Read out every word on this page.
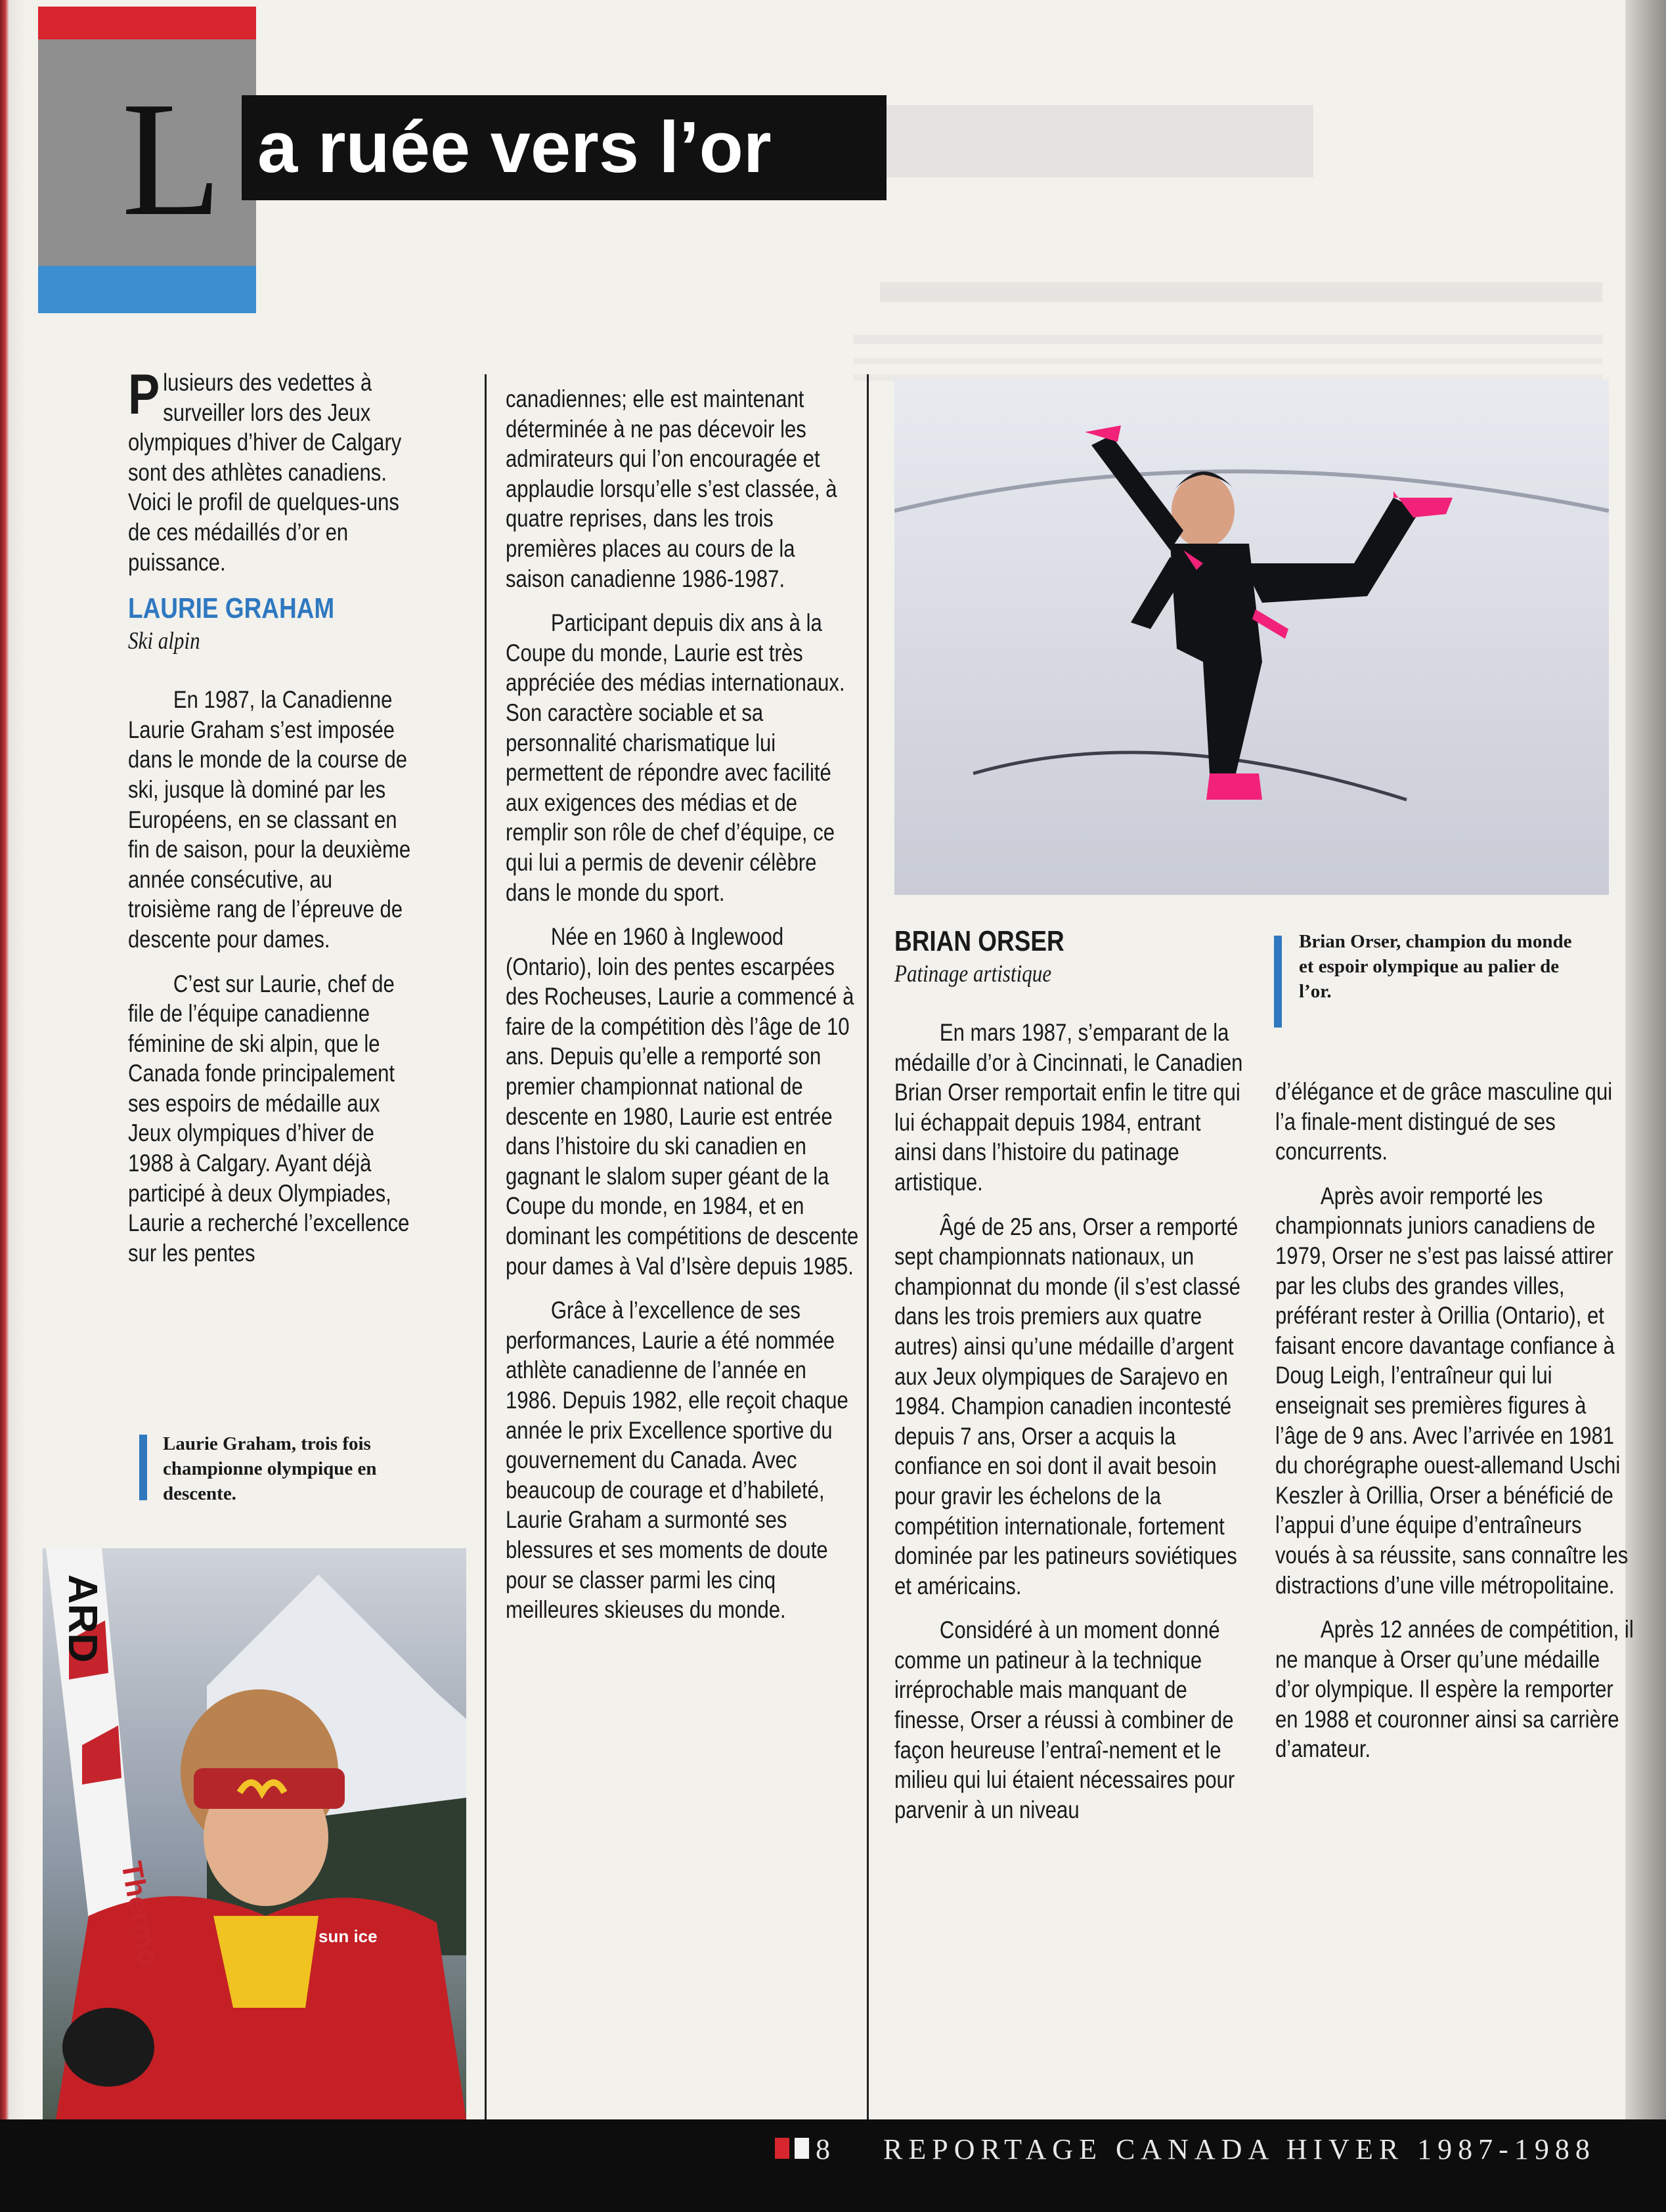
L a ruée vers l’or

Plusieurs des vedettes à surveiller lors des Jeux olympiques d’hiver de Calgary sont des athlètes canadiens. Voici le profil de quelques-uns de ces médaillés d’or en puissance.

LAURIE GRAHAM
Ski alpin

En 1987, la Canadienne Laurie Graham s’est imposée dans le monde de la course de ski, jusque là dominé par les Européens, en se classant en fin de saison, pour la deuxième année consécutive, au troisième rang de l’épreuve de descente pour dames.

C’est sur Laurie, chef de file de l’équipe canadienne féminine de ski alpin, que le Canada fonde principalement ses espoirs de médaille aux Jeux olympiques d’hiver de 1988 à Calgary. Ayant déjà participé à deux Olympiades, Laurie a recherché l’excellence sur les pentes

Laurie Graham, trois fois championne olympique en descente.
ARD
sun ice
Thermo

canadiennes; elle est maintenant déterminée à ne pas décevoir les admirateurs qui l’on encouragée et applaudie lorsqu’elle s’est classée, à quatre reprises, dans les trois premières places au cours de la saison canadienne 1986-1987.

Participant depuis dix ans à la Coupe du monde, Laurie est très appréciée des médias internationaux. Son caractère sociable et sa personnalité charismatique lui permettent de répondre avec facilité aux exigences des médias et de remplir son rôle de chef d’équipe, ce qui lui a permis de devenir célèbre dans le monde du sport.

Née en 1960 à Inglewood (Ontario), loin des pentes escarpées des Rocheuses, Laurie a commencé à faire de la compétition dès l’âge de 10 ans. Depuis qu’elle a remporté son premier championnat national de descente en 1980, Laurie est entrée dans l’histoire du ski canadien en gagnant le slalom super géant de la Coupe du monde, en 1984, et en dominant les compétitions de descente pour dames à Val d’Isère depuis 1985.

Grâce à l’excellence de ses performances, Laurie a été nommée athlète canadienne de l’année en 1986. Depuis 1982, elle reçoit chaque année le prix Excellence sportive du gouvernement du Canada. Avec beaucoup de courage et d’habileté, Laurie Graham a surmonté ses blessures et ses moments de doute pour se classer parmi les cinq meilleures skieuses du monde.

BRIAN ORSER
Patinage artistique

En mars 1987, s’emparant de la médaille d’or à Cincinnati, le Canadien Brian Orser remportait enfin le titre qui lui échappait depuis 1984, entrant ainsi dans l’histoire du patinage artistique.

Âgé de 25 ans, Orser a remporté sept championnats nationaux, un championnat du monde (il s’est classé dans les trois premiers aux quatre autres) ainsi qu’une médaille d’argent aux Jeux olympiques de Sarajevo en 1984. Champion canadien incontesté depuis 7 ans, Orser a acquis la confiance en soi dont il avait besoin pour gravir les échelons de la compétition internationale, fortement dominée par les patineurs soviétiques et américains.

Considéré à un moment donné comme un patineur à la technique irréprochable mais manquant de finesse, Orser a réussi à combiner de façon heureuse l’entraî-nement et le milieu qui lui étaient nécessaires pour parvenir à un niveau

Brian Orser, champion du monde et espoir olympique au palier de l’or.

d’élégance et de grâce masculine qui l’a finale-ment distingué de ses concurrents.

Après avoir remporté les championnats juniors canadiens de 1979, Orser ne s’est pas laissé attirer par les clubs des grandes villes, préférant rester à Orillia (Ontario), et faisant encore davantage confiance à Doug Leigh, l’entraîneur qui lui enseignait ses premières figures à l’âge de 9 ans. Avec l’arrivée en 1981 du chorégraphe ouest-allemand Uschi Keszler à Orillia, Orser a bénéficié de l’appui d’une équipe d’entraîneurs voués à sa réussite, sans connaître les distractions d’une ville métropolitaine.

Après 12 années de compétition, il ne manque à Orser qu’une médaille d’or olympique. Il espère la remporter en 1988 et couronner ainsi sa carrière d’amateur.

8 REPORTAGE CANADA HIVER 1987-1988
